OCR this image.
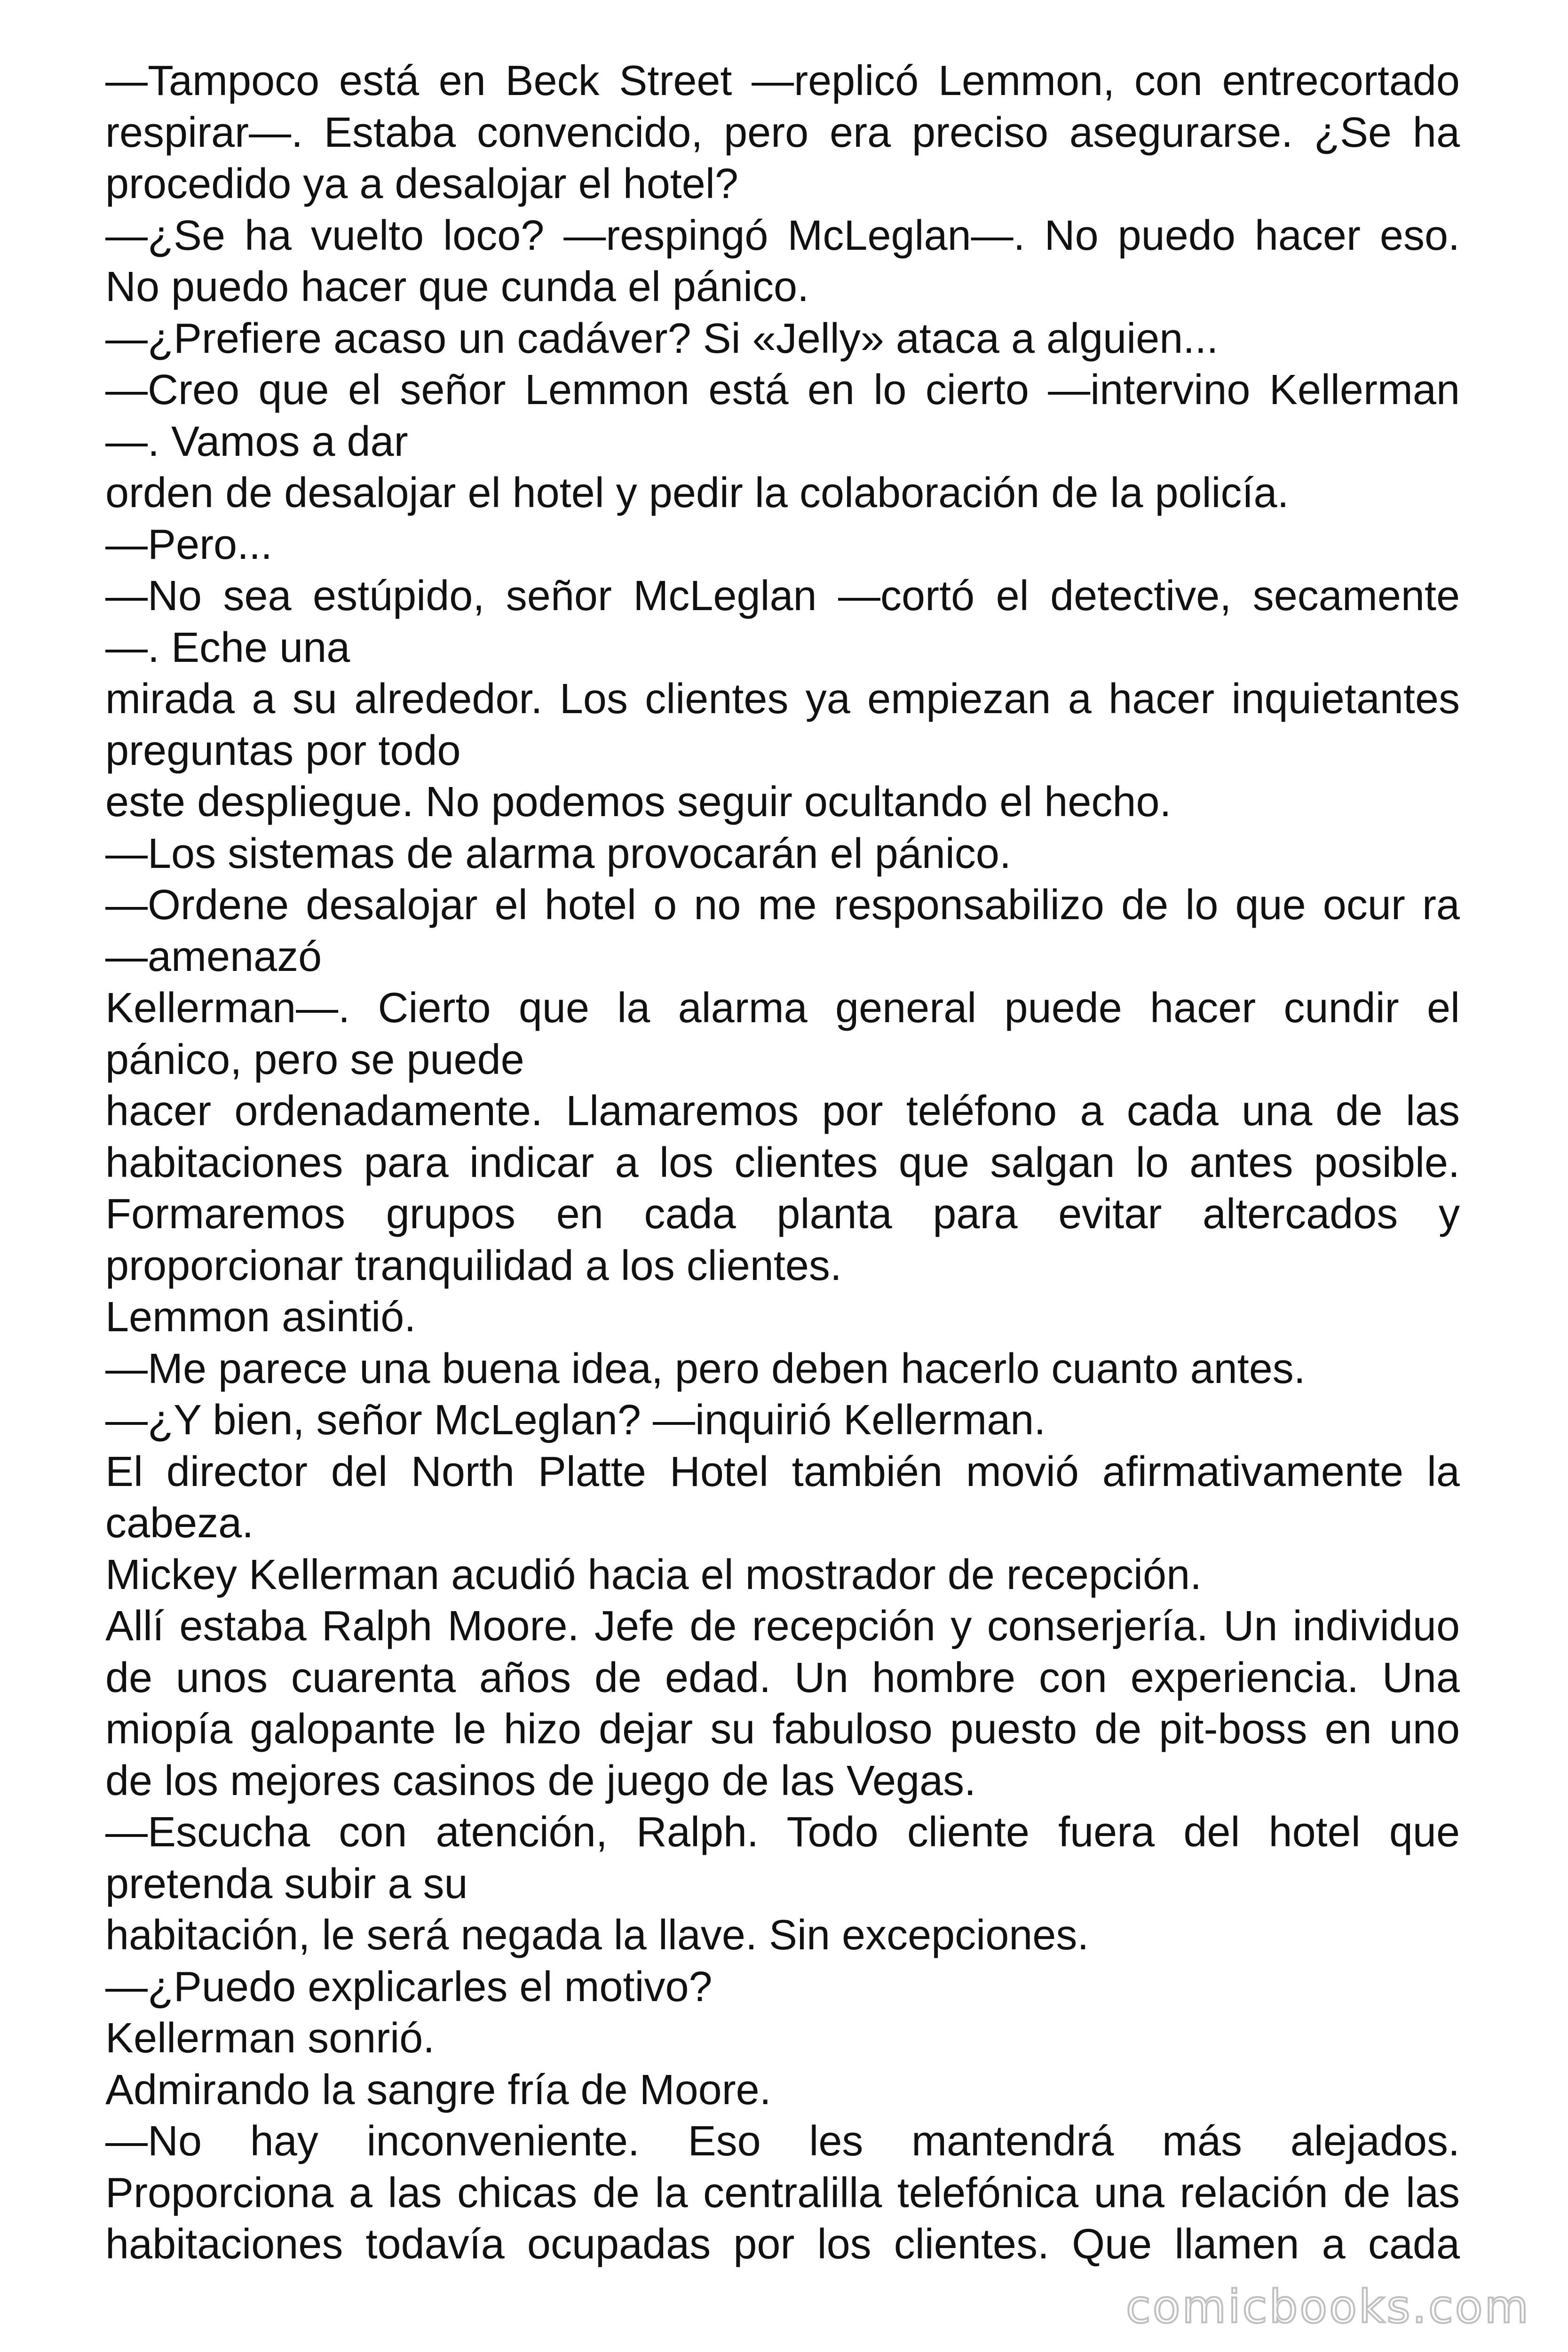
—Tampoco está en Beck Street —replicó Lemmon, con entrecortado
respirar—. Estaba convencido, pero era preciso asegurarse. ¿Se ha
procedido ya a desalojar el hotel?
—¿Se ha vuelto loco? —respingó McLeglan—. No puedo hacer eso.
No puedo hacer que cunda el pánico.
—¿Prefiere acaso un cadáver? Si «Jelly» ataca a alguien...
—Creo que el señor Lemmon está en lo cierto —intervino Kellerman
—. Vamos a dar
orden de desalojar el hotel y pedir la colaboración de la policía.
—Pero...
—No sea estúpido, señor McLeglan —cortó el detective, secamente
—. Eche una
mirada a su alrededor. Los clientes ya empiezan a hacer inquietantes
preguntas por todo
este despliegue. No podemos seguir ocultando el hecho.
—Los sistemas de alarma provocarán el pánico.
—Ordene desalojar el hotel o no me responsabilizo de lo que ocur ra
—amenazó
Kellerman—. Cierto que la alarma general puede hacer cundir el
pánico, pero se puede
hacer ordenadamente. Llamaremos por teléfono a cada una de las
habitaciones para indicar a los clientes que salgan lo antes posible.
Formaremos grupos en cada planta para evitar altercados y
proporcionar tranquilidad a los clientes.
Lemmon asintió.
—Me parece una buena idea, pero deben hacerlo cuanto antes.
—¿Y bien, señor McLeglan? —inquirió Kellerman.
El director del North Platte Hotel también movió afirmativamente la
cabeza.
Mickey Kellerman acudió hacia el mostrador de recepción.
Allí estaba Ralph Moore. Jefe de recepción y conserjería. Un individuo
de unos cuarenta años de edad. Un hombre con experiencia. Una
miopía galopante le hizo dejar su fabuloso puesto de pit-boss en uno
de los mejores casinos de juego de las Vegas.
—Escucha con atención, Ralph. Todo cliente fuera del hotel que
pretenda subir a su
habitación, le será negada la llave. Sin excepciones.
—¿Puedo explicarles el motivo?
Kellerman sonrió.
Admirando la sangre fría de Moore.
—No hay inconveniente. Eso les mantendrá más alejados.
Proporciona a las chicas de la centralilla telefónica una relación de las
habitaciones todavía ocupadas por los clientes. Que llamen a cada
comicbooks.com
